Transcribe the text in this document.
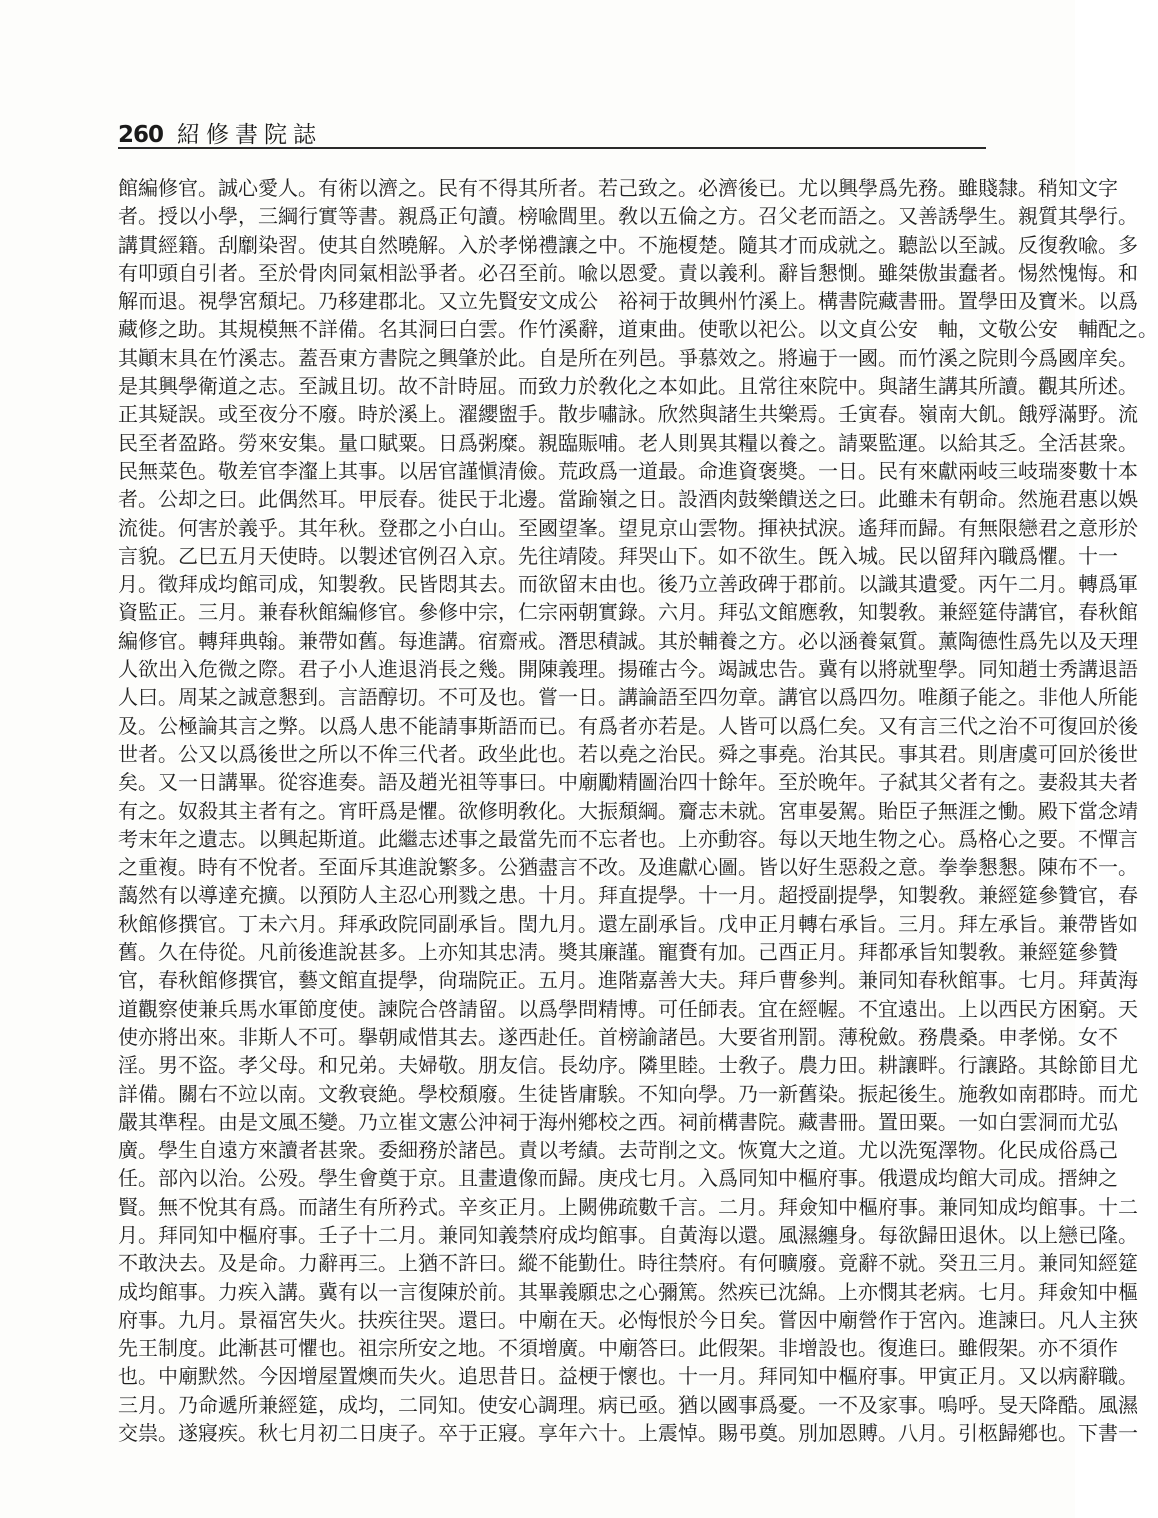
260 紹修書院誌
館編修官。誠心愛人。有術以濟之。民有不得其所者。若己致之。必濟後已。尤以興學爲先務。雖賤隸。稍知文字
者。授以小學，三綱行實等書。親爲正句讀。榜喩閭里。敎以五倫之方。召父老而語之。又善誘學生。親質其學行。
講貫經籍。刮劘染習。使其自然曉解。入於孝悌禮讓之中。不施榎楚。隨其才而成就之。聽訟以至誠。反復敎喩。多
有叩頭自引者。至於骨肉同氣相訟爭者。必召至前。喩以恩愛。責以義利。辭旨懇惻。雖桀傲蚩蠢者。惕然愧悔。和
解而退。視學宮頹圮。乃移建郡北。又立先賢安文成公　裕祠于故興州竹溪上。構書院藏書冊。置學田及寶米。以爲
藏修之助。其規模無不詳備。名其洞曰白雲。作竹溪辭，道東曲。使歌以祀公。以文貞公安　軸，文敬公安　輔配之。
其顚末具在竹溪志。蓋吾東方書院之興肇於此。自是所在列邑。爭慕效之。將遍于一國。而竹溪之院則今爲國庠矣。
是其興學衛道之志。至誠且切。故不計時屈。而致力於敎化之本如此。且常往來院中。與諸生講其所讀。觀其所述。
正其疑誤。或至夜分不廢。時於溪上。濯纓盥手。散步嘯詠。欣然與諸生共樂焉。壬寅春。嶺南大飢。餓殍滿野。流
民至者盈路。勞來安集。量口賦粟。日爲粥糜。親臨賑哺。老人則異其糧以養之。請粟監運。以給其乏。全活甚衆。
民無菜色。敬差官李瀣上其事。以居官謹愼清儉。荒政爲一道最。命進資褒奬。一日。民有來獻兩岐三岐瑞麥數十本
者。公却之曰。此偶然耳。甲辰春。徙民于北邊。當踰嶺之日。設酒肉鼓樂饋送之曰。此雖未有朝命。然施君惠以娛
流徙。何害於義乎。其年秋。登郡之小白山。至國望峯。望見京山雲物。揮袂拭淚。遙拜而歸。有無限戀君之意形於
言貌。乙巳五月天使時。以製述官例召入京。先往靖陵。拜哭山下。如不欲生。旣入城。民以留拜內職爲懼。十一
月。徵拜成均館司成，知製敎。民皆悶其去。而欲留末由也。後乃立善政碑于郡前。以識其遺愛。丙午二月。轉爲軍
資監正。三月。兼春秋館編修官。參修中宗，仁宗兩朝實錄。六月。拜弘文館應敎，知製敎。兼經筵侍講官，春秋館
編修官。轉拜典翰。兼帶如舊。每進講。宿齋戒。潛思積誠。其於輔養之方。必以涵養氣質。薰陶德性爲先以及天理
人欲出入危微之際。君子小人進退消長之幾。開陳義理。揚確古今。竭誠忠告。冀有以將就聖學。同知趙士秀講退語
人曰。周某之誠意懇到。言語醇切。不可及也。嘗一日。講論語至四勿章。講官以爲四勿。唯顏子能之。非他人所能
及。公極論其言之弊。以爲人患不能請事斯語而已。有爲者亦若是。人皆可以爲仁矣。又有言三代之治不可復回於後
世者。公又以爲後世之所以不侔三代者。政坐此也。若以堯之治民。舜之事堯。治其民。事其君。則唐虞可回於後世
矣。又一日講畢。從容進奏。語及趙光祖等事曰。中廟勵精圖治四十餘年。至於晩年。子弑其父者有之。妻殺其夫者
有之。奴殺其主者有之。宵旰爲是懼。欲修明敎化。大振頹綱。齎志未就。宮車晏駕。貽臣子無涯之慟。殿下當念靖
考末年之遺志。以興起斯道。此繼志述事之最當先而不忘者也。上亦動容。每以天地生物之心。爲格心之要。不憚言
之重複。時有不悅者。至面斥其進說繁多。公猶盡言不改。及進獻心圖。皆以好生惡殺之意。拳拳懇懇。陳布不一。
藹然有以導達充擴。以預防人主忍心刑戮之患。十月。拜直提學。十一月。超授副提學，知製敎。兼經筵參贊官，春
秋館修撰官。丁未六月。拜承政院同副承旨。閏九月。還左副承旨。戊申正月轉右承旨。三月。拜左承旨。兼帶皆如
舊。久在侍從。凡前後進說甚多。上亦知其忠淸。奬其廉謹。寵賚有加。己酉正月。拜都承旨知製敎。兼經筵參贊
官，春秋館修撰官，藝文館直提學，尙瑞院正。五月。進階嘉善大夫。拜戶曹參判。兼同知春秋館事。七月。拜黃海
道觀察使兼兵馬水軍節度使。諫院合啓請留。以爲學問精博。可任師表。宜在經幄。不宜遠出。上以西民方困窮。天
使亦將出來。非斯人不可。擧朝咸惜其去。遂西赴任。首榜諭諸邑。大要省刑罰。薄稅斂。務農桑。申孝悌。女不
淫。男不盜。孝父母。和兄弟。夫婦敬。朋友信。長幼序。隣里睦。士敎子。農力田。耕讓畔。行讓路。其餘節目尤
詳備。關右不竝以南。文敎衰絶。學校頹廢。生徒皆庸騃。不知向學。乃一新舊染。振起後生。施敎如南郡時。而尤
嚴其準程。由是文風丕變。乃立崔文憲公沖祠于海州鄕校之西。祠前構書院。藏書冊。置田粟。一如白雲洞而尤弘
廣。學生自遠方來讀者甚衆。委細務於諸邑。責以考績。去苛削之文。恢寬大之道。尤以洗冤澤物。化民成俗爲己
任。部內以治。公殁。學生會奠于京。且畫遺像而歸。庚戌七月。入爲同知中樞府事。俄還成均館大司成。搢紳之
賢。無不悅其有爲。而諸生有所矜式。辛亥正月。上闕佛疏數千言。二月。拜僉知中樞府事。兼同知成均館事。十二
月。拜同知中樞府事。壬子十二月。兼同知義禁府成均館事。自黃海以還。風濕纏身。每欲歸田退休。以上戀已隆。
不敢決去。及是命。力辭再三。上猶不許曰。縱不能勤仕。時往禁府。有何曠廢。竟辭不就。癸丑三月。兼同知經筵
成均館事。力疾入講。冀有以一言復陳於前。其畢義願忠之心彌篤。然疾已沈綿。上亦憫其老病。七月。拜僉知中樞
府事。九月。景福宮失火。扶疾往哭。還曰。中廟在天。必悔恨於今日矣。嘗因中廟營作于宮內。進諫曰。凡人主狹
先王制度。此漸甚可懼也。祖宗所安之地。不須增廣。中廟答曰。此假架。非增設也。復進曰。雖假架。亦不須作
也。中廟默然。今因增屋置燠而失火。追思昔日。益梗于懷也。十一月。拜同知中樞府事。甲寅正月。又以病辭職。
三月。乃命遞所兼經筵，成均，二同知。使安心調理。病已亟。猶以國事爲憂。一不及家事。嗚呼。旻天降酷。風濕
交祟。遂寢疾。秋七月初二日庚子。卒于正寢。享年六十。上震悼。賜弔奠。別加恩賻。八月。引柩歸鄕也。下書一
